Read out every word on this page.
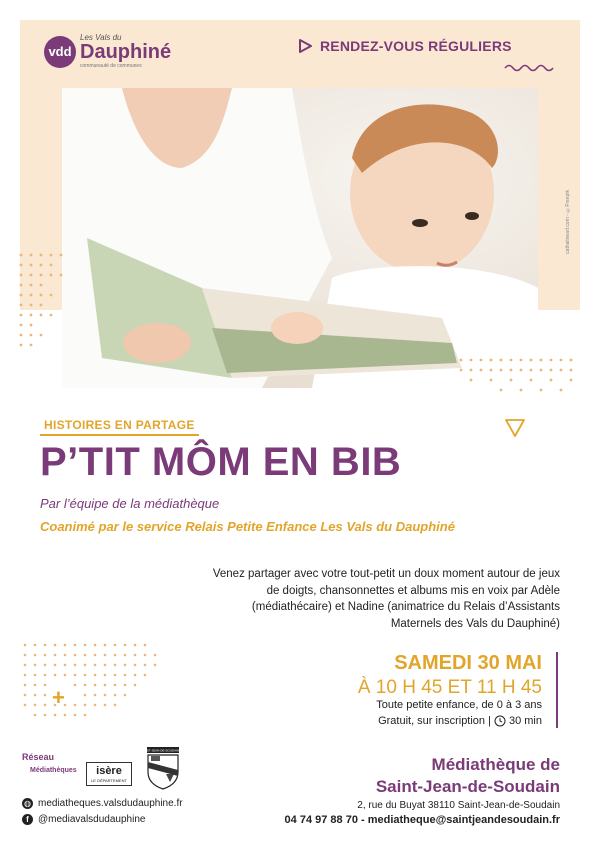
vdd
Les Vals du
Dauphiné
communauté de communes
RENDEZ-VOUS RÉGULIERS
cathalineart.com - ©Freepik
+
HISTOIRES EN PARTAGE
P’TIT MÔM EN BIB
Par l’équipe de la médiathèque
Coanimé par le service Relais Petite Enfance Les Vals du Dauphiné
Venez partager avec votre tout-petit un doux moment autour de jeux de doigts, chansonnettes et albums mis en voix par Adèle (médiathécaire) et Nadine (animatrice du Relais d’Assistants Maternels des Vals du Dauphiné)
SAMEDI 30 MAI
À 10 H 45 ET 11 H 45
Toute petite enfance, de 0 à 3 ans
Gratuit, sur inscription | 30 min
Médiathèque de
Saint-Jean-de-Soudain
2, rue du Buyat 38110 Saint-Jean-de-Soudain
04 74 97 88 70 - mediatheque@saintjeandesoudain.fr
Réseau
Médiathèques isère
LE DÉPARTEMENT
ST-JEAN-DE-SOUDAIN
◍ mediatheques.valsdudauphine.fr
f @mediavalsdudauphine
